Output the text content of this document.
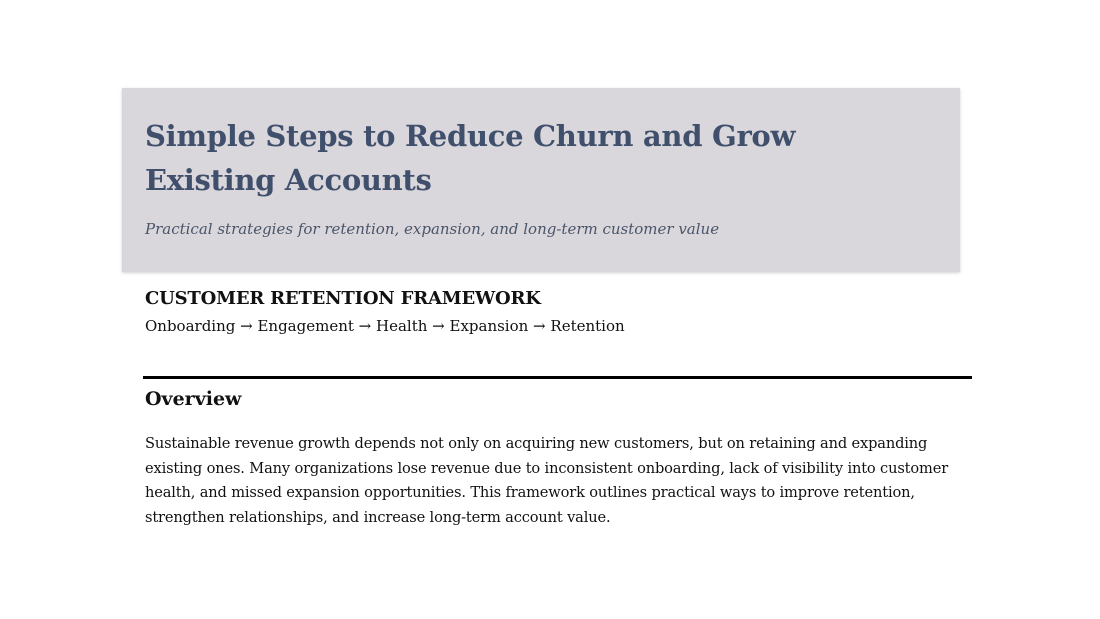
Simple Steps to Reduce Churn and Grow Existing Accounts

Practical strategies for retention, expansion, and long-term customer value

CUSTOMER RETENTION FRAMEWORK

Onboarding → Engagement → Health → Expansion → Retention

Overview

Sustainable revenue growth depends not only on acquiring new customers, but on retaining and expanding existing ones. Many organizations lose revenue due to inconsistent onboarding, lack of visibility into customer health, and missed expansion opportunities. This framework outlines practical ways to improve retention, strengthen relationships, and increase long-term account value.
